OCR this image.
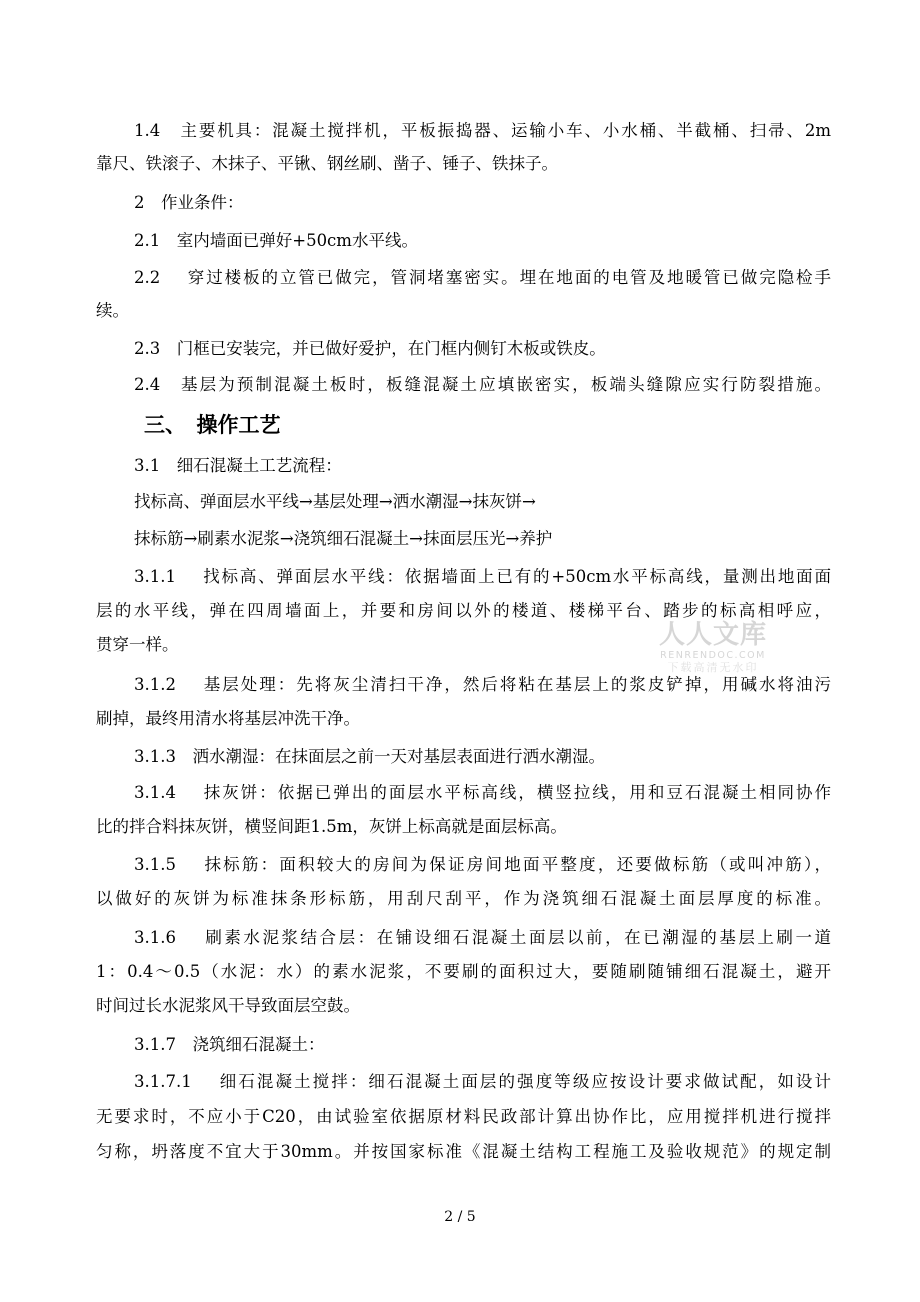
1.4　主要机具：混凝土搅拌机，平板振捣器、运输小车、小水桶、半截桶、扫帚、2m
靠尺、铁滚子、木抹子、平锹、钢丝刷、凿子、锤子、铁抹子。
2　作业条件：
2.1　室内墙面已弹好+50cm水平线。
2.2　 穿过楼板的立管已做完，管洞堵塞密实。埋在地面的电管及地暖管已做完隐检手
续。
2.3　门框已安装完，并已做好爱护，在门框内侧钉木板或铁皮。
2.4　基层为预制混凝土板时，板缝混凝土应填嵌密实，板端头缝隙应实行防裂措施。
三、　操作工艺
3.1　细石混凝土工艺流程：
找标高、弹面层水平线→基层处理→洒水潮湿→抹灰饼→
抹标筋→刷素水泥浆→浇筑细石混凝土→抹面层压光→养护
3.1.1　 找标高、弹面层水平线：依据墙面上已有的+50cm水平标高线，量测出地面面
层的水平线，弹在四周墙面上，并要和房间以外的楼道、楼梯平台、踏步的标高相呼应，
贯穿一样。
3.1.2　 基层处理：先将灰尘清扫干净，然后将粘在基层上的浆皮铲掉，用碱水将油污
刷掉，最终用清水将基层冲洗干净。
3.1.3　洒水潮湿：在抹面层之前一天对基层表面进行洒水潮湿。
3.1.4　 抹灰饼：依据已弹出的面层水平标高线，横竖拉线，用和豆石混凝土相同协作
比的拌合料抹灰饼，横竖间距1.5m，灰饼上标高就是面层标高。
3.1.5　 抹标筋：面积较大的房间为保证房间地面平整度，还要做标筋（或叫冲筋），
以做好的灰饼为标准抹条形标筋，用刮尺刮平，作为浇筑细石混凝土面层厚度的标准。
3.1.6　 刷素水泥浆结合层：在铺设细石混凝土面层以前，在已潮湿的基层上刷一道
1：0.4～0.5（水泥：水）的素水泥浆，不要刷的面积过大，要随刷随铺细石混凝土，避开
时间过长水泥浆风干导致面层空鼓。
3.1.7　浇筑细石混凝土：
3.1.7.1　 细石混凝土搅拌：细石混凝土面层的强度等级应按设计要求做试配，如设计
无要求时，不应小于C20，由试验室依据原材料民政部计算出协作比，应用搅拌机进行搅拌
匀称，坍落度不宜大于30mm。并按国家标准《混凝土结构工程施工及验收规范》的规定制
人人文库
RENRENDOC.COM
下载高清无水印
2 / 5
